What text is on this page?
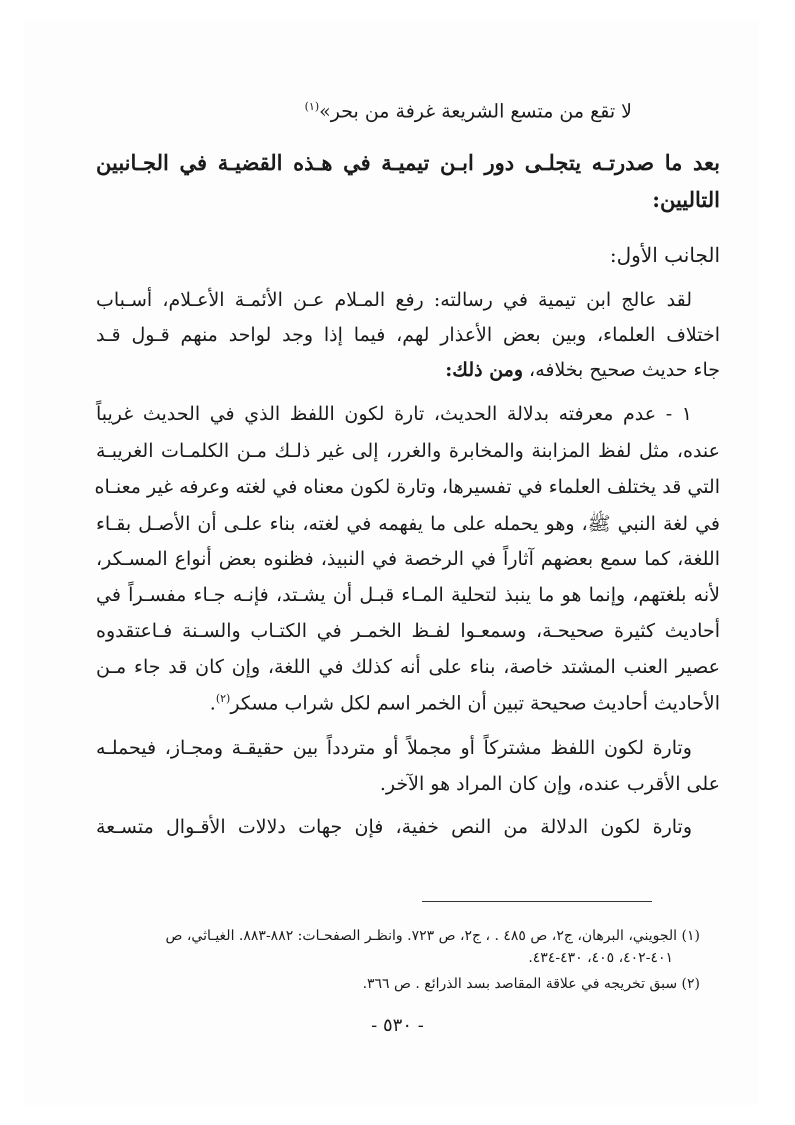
لا تقع من متسع الشريعة غرفة من بحر»$^{(١)}$
بعد ما صدرتـه يتجلـى دور ابـن تيميـة في هـذه القضيـة في الجـانبين
التاليين:
الجانب الأول:
لقد عالج ابن تيمية في رسالته: رفع المـلام عـن الأئمـة الأعـلام، أسـباب
اختلاف العلماء، وبين بعض الأعذار لهم، فيما إذا وجد لواحد منهم قـول قـد
جاء حديث صحيح بخلافه، ومن ذلك:
١ - عدم معرفته بدلالة الحديث، تارة لكون اللفظ الذي في الحديث غريباً
عنده، مثل لفظ المزابنة والمخابرة والغرر، إلى غير ذلـك مـن الكلمـات الغريبـة
التي قد يختلف العلماء في تفسيرها، وتارة لكون معناه في لغته وعرفه غير معنـاه
في لغة النبي ﷺ، وهو يحمله على ما يفهمه في لغته، بناء علـى أن الأصـل بقـاء
اللغة، كما سمع بعضهم آثاراً في الرخصة في النبيذ، فظنوه بعض أنواع المسـكر،
لأنه بلغتهم، وإنما هو ما ينبذ لتحلية المـاء قبـل أن يشـتد، فإنـه جـاء مفسـراً في
أحاديث كثيرة صحيحـة، وسمعـوا لفـظ الخمـر في الكتـاب والسـنة فـاعتقدوه
عصير العنب المشتد خاصة، بناء على أنه كذلك في اللغة، وإن كان قد جاء مـن
الأحاديث أحاديث صحيحة تبين أن الخمر اسم لكل شراب مسكر$^{(٢)}$.
وتارة لكون اللفظ مشتركاً أو مجملاً أو متردداً بين حقيقـة ومجـاز، فيحملـه
على الأقرب عنده، وإن كان المراد هو الآخر.
وتارة لكون الدلالة من النص خفية، فإن جهات دلالات الأقـوال متسـعة
(١) الجويني، البرهان، ج٢، ص ٤٨٥ . ، ج٢، ص ٧٢٣. وانظـر الصفحـات: ٨٨٢-٨٨٣. الغيـاثي، ص
٤٠١-٤٠٢، ٤٠٥، ٤٣٠-٤٣٤.
(٢) سبق تخريجه في علاقة المقاصد بسد الذرائع . ص ٣٦٦.
- ٥٣٠ -
